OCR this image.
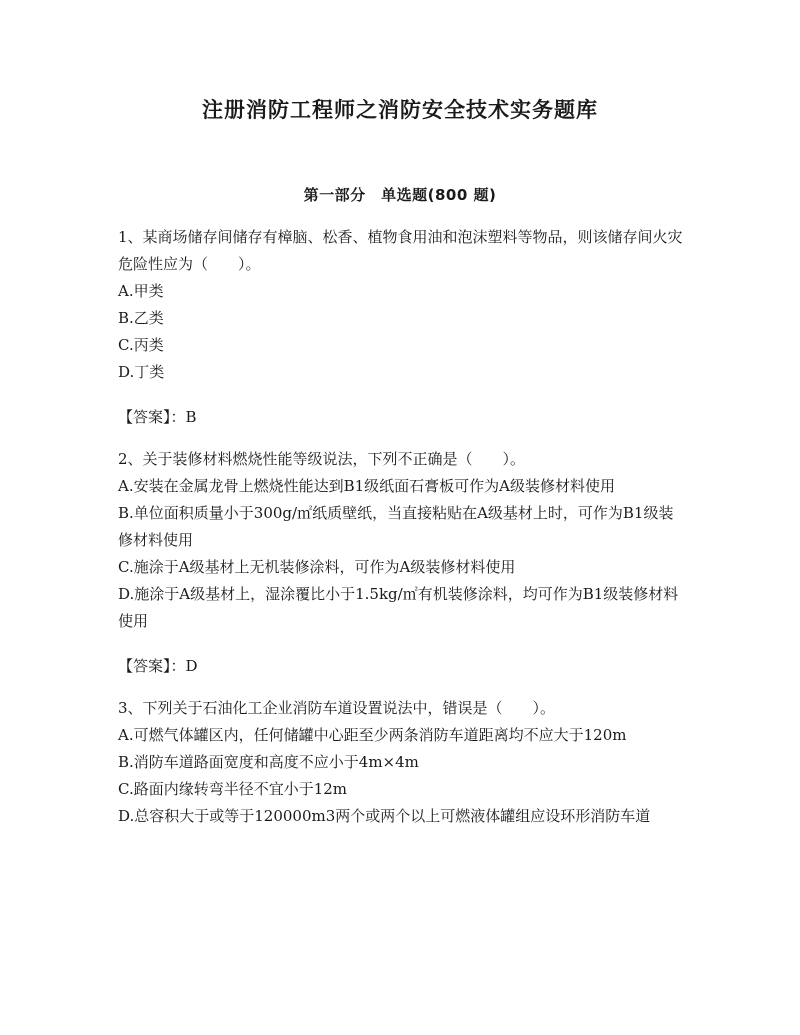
注册消防工程师之消防安全技术实务题库
第一部分　单选题(800 题)

1、某商场储存间储存有樟脑、松香、植物食用油和泡沫塑料等物品，则该储存间火灾危险性应为（　　）。

A.甲类

B.乙类

C.丙类

D.丁类

【答案】：B

2、关于装修材料燃烧性能等级说法，下列不正确是（　　）。

A.安装在金属龙骨上燃烧性能达到B1级纸面石膏板可作为A级装修材料使用

B.单位面积质量小于300g/㎡纸质壁纸，当直接粘贴在A级基材上时，可作为B1级装修材料使用

C.施涂于A级基材上无机装修涂料，可作为A级装修材料使用

D.施涂于A级基材上，湿涂覆比小于1.5kg/㎡有机装修涂料，均可作为B1级装修材料使用

【答案】：D

3、下列关于石油化工企业消防车道设置说法中，错误是（　　）。

A.可燃气体罐区内，任何储罐中心距至少两条消防车道距离均不应大于120m

B.消防车道路面宽度和高度不应小于4m×4m

C.路面内缘转弯半径不宜小于12m

D.总容积大于或等于120000m3两个或两个以上可燃液体罐组应设环形消防车道
